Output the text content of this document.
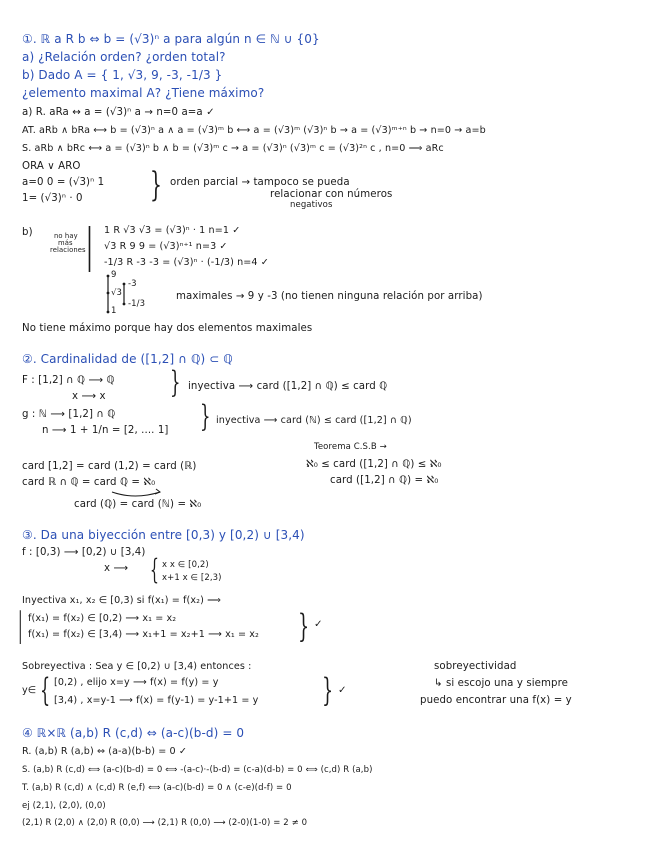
①. ℝ a R b ⇔ b = (√3)ⁿ a para algún n ∈ ℕ ∪ {0}
a) ¿Relación orden? ¿orden total?
b) Dado A = { 1, √3, 9, -3, -1/3 }
¿elemento maximal A? ¿Tiene máximo?
a) R. aRa ↔ a = (√3)ⁿ a → n=0 a=a ✓
AT. aRb ∧ bRa ⟷ b = (√3)ⁿ a ∧ a = (√3)ᵐ b ⟷ a = (√3)ᵐ (√3)ⁿ b → a = (√3)ᵐ⁺ⁿ b → n=0 → a=b
S. aRb ∧ bRc ⟷ a = (√3)ⁿ b ∧ b = (√3)ᵐ c → a = (√3)ⁿ (√3)ᵐ c = (√3)²ⁿ c , n=0 ⟹ aRc
ORA ∨ ARO
a=0 0 = (√3)ⁿ 1
1= (√3)ⁿ · 0 } orden parcial → tampoco se pueda
relacionar con números
negativos
b)	no hay
más
relaciones | 1 R √3 √3 = (√3)ⁿ · 1 n=1 ✓
√3 R 9 9 = (√3)ⁿ⁺¹ n=3 ✓
-1/3 R -3 -3 = (√3)ⁿ · (-1/3) n=4 ✓
9
√3
1
-3
-1/3
maximales → 9 y -3 (no tienen ninguna relación por arriba)
No tiene máximo porque hay dos elementos maximales
②. Cardinalidad de ([1,2] ∩ ℚ) ⊂ ℚ
F : [1,2] ∩ ℚ ⟶ ℚ
x ⟶ x } inyectiva ⟶ card ([1,2] ∩ ℚ) ≤ card ℚ
g : ℕ ⟶ [1,2] ∩ ℚ
n ⟶ 1 + 1/n = [2, .... 1] } inyectiva ⟶ card (ℕ) ≤ card ([1,2] ∩ ℚ)
Teorema C.S.B →
ℵ₀ ≤ card ([1,2] ∩ ℚ) ≤ ℵ₀
card ([1,2] ∩ ℚ) = ℵ₀
card [1,2] = card (1,2) = card (ℝ)
card ℝ ∩ ℚ = card ℚ = ℵ₀
card (ℚ) = card (ℕ) = ℵ₀
③. Da una biyección entre [0,3) y [0,2) ∪ [3,4)
f : [0,3) ⟶ [0,2) ∪ [3,4)
x ⟶ { x x ∈ [0,2)
x+1 x ∈ [2,3)
Inyectiva x₁, x₂ ∈ [0,3) si f(x₁) = f(x₂) ⟹
| f(x₁) = f(x₂) ∈ [0,2) ⟶ x₁ = x₂
f(x₁) = f(x₂) ∈ [3,4) ⟶ x₁+1 = x₂+1 ⟶ x₁ = x₂ } ✓
Sobreyectiva : Sea y ∈ [0,2) ∪ [3,4) entonces :
y∈ { [0,2) , elijo x=y ⟶ f(x) = f(y) = y
[3,4) , x=y-1 ⟶ f(x) = f(y-1) = y-1+1 = y } ✓
sobreyectividad
↳ si escojo una y siempre
puedo encontrar una f(x) = y
④ ℝ×ℝ (a,b) R (c,d) ⇔ (a-c)(b-d) = 0
R. (a,b) R (a,b) ⇔ (a-a)(b-b) = 0 ✓
S. (a,b) R (c,d) ⟺ (a-c)(b-d) = 0 ⟺ -(a-c)·-(b-d) = (c-a)(d-b) = 0 ⟺ (c,d) R (a,b)
T. (a,b) R (c,d) ∧ (c,d) R (e,f) ⟺ (a-c)(b-d) = 0 ∧ (c-e)(d-f) = 0
ej (2,1), (2,0), (0,0)
(2,1) R (2,0) ∧ (2,0) R (0,0) ⟶ (2,1) R (0,0) ⟶ (2-0)(1-0) = 2 ≠ 0
